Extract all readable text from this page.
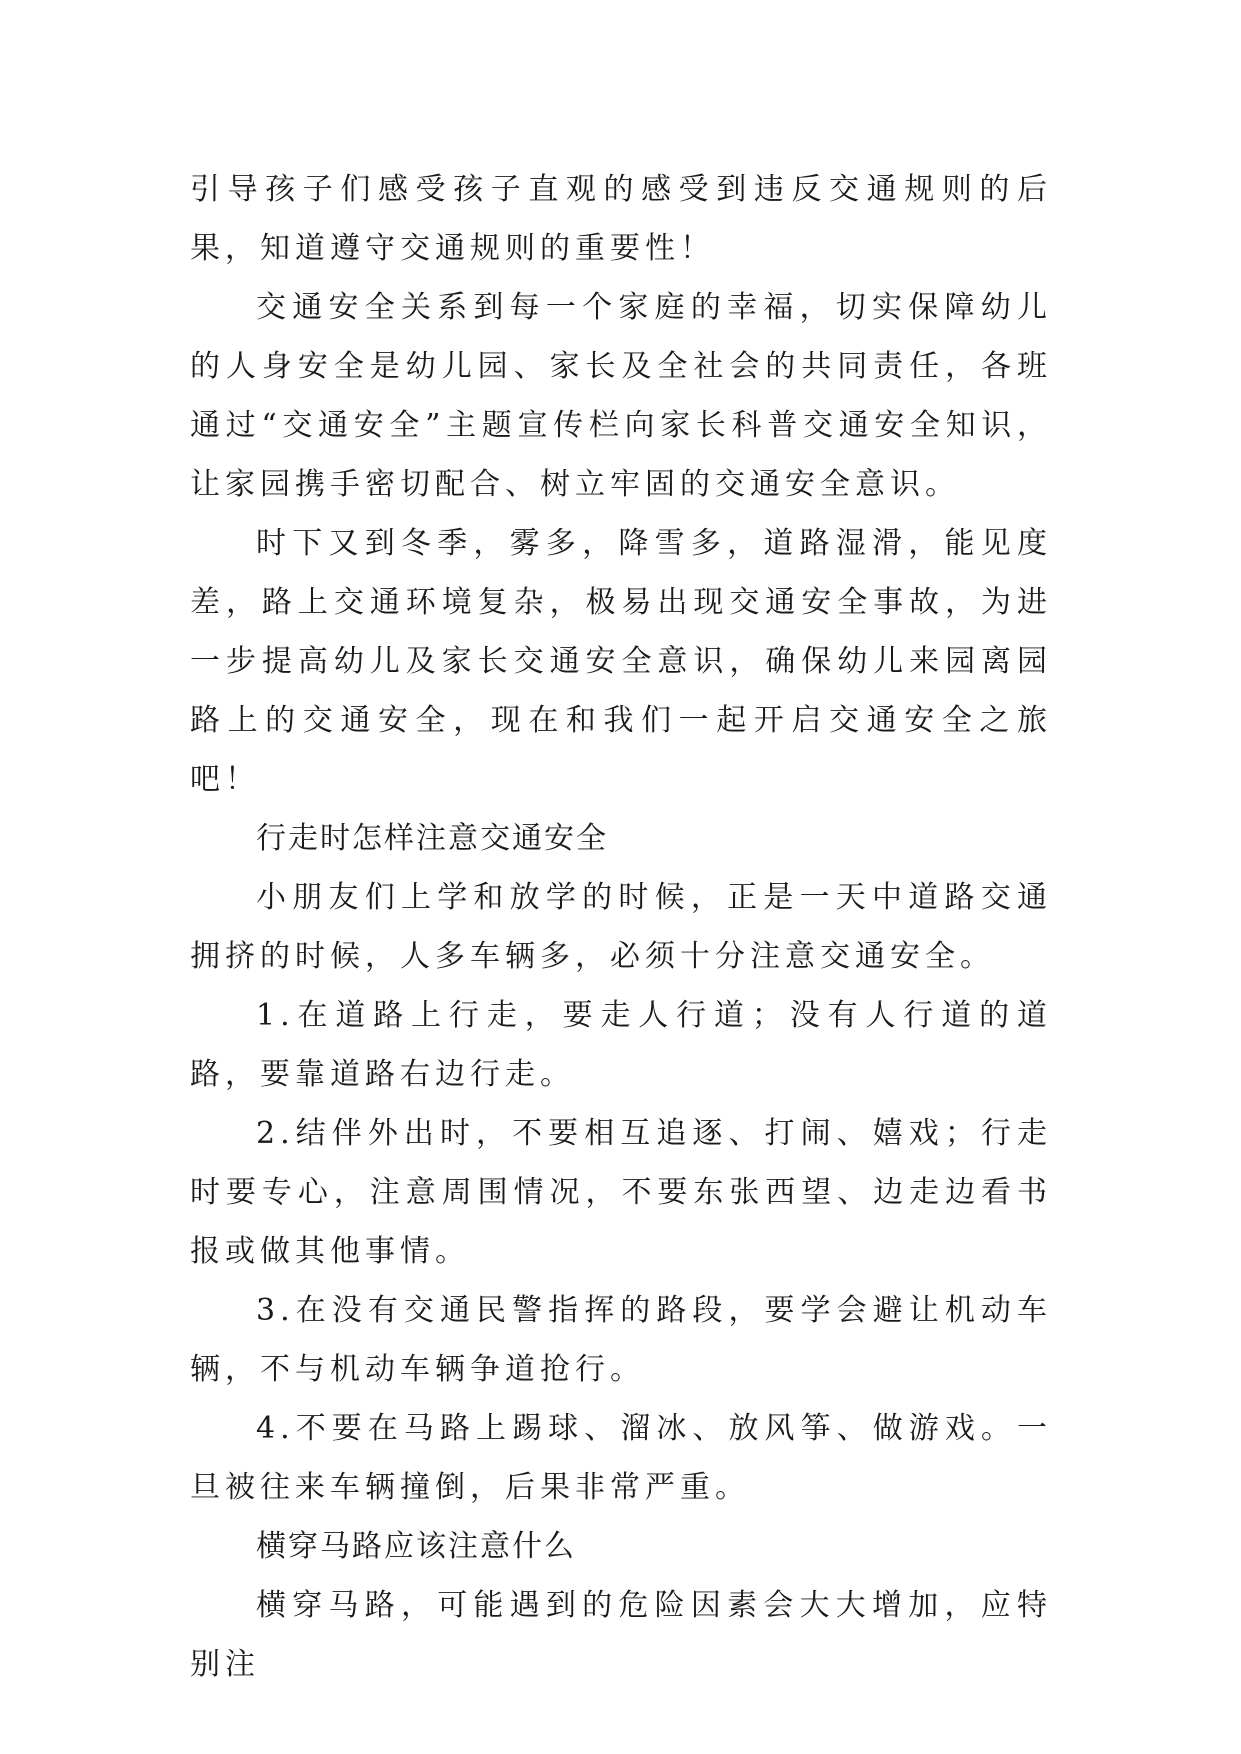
引导孩子们感受孩子直观的感受到违反交通规则的后果，知道遵守交通规则的重要性！

交通安全关系到每一个家庭的幸福，切实保障幼儿的人身安全是幼儿园、家长及全社会的共同责任，各班通过“交通安全”主题宣传栏向家长科普交通安全知识，让家园携手密切配合、树立牢固的交通安全意识。

时下又到冬季，雾多，降雪多，道路湿滑，能见度差，路上交通环境复杂，极易出现交通安全事故，为进一步提高幼儿及家长交通安全意识，确保幼儿来园离园路上的交通安全，现在和我们一起开启交通安全之旅吧！

行走时怎样注意交通安全

小朋友们上学和放学的时候，正是一天中道路交通拥挤的时候，人多车辆多，必须十分注意交通安全。

1.在道路上行走，要走人行道；没有人行道的道路，要靠道路右边行走。

2.结伴外出时，不要相互追逐、打闹、嬉戏；行走时要专心，注意周围情况，不要东张西望、边走边看书报或做其他事情。

3.在没有交通民警指挥的路段，要学会避让机动车辆，不与机动车辆争道抢行。

4.不要在马路上踢球、溜冰、放风筝、做游戏。一旦被往来车辆撞倒，后果非常严重。

横穿马路应该注意什么

横穿马路，可能遇到的危险因素会大大增加，应特别注
